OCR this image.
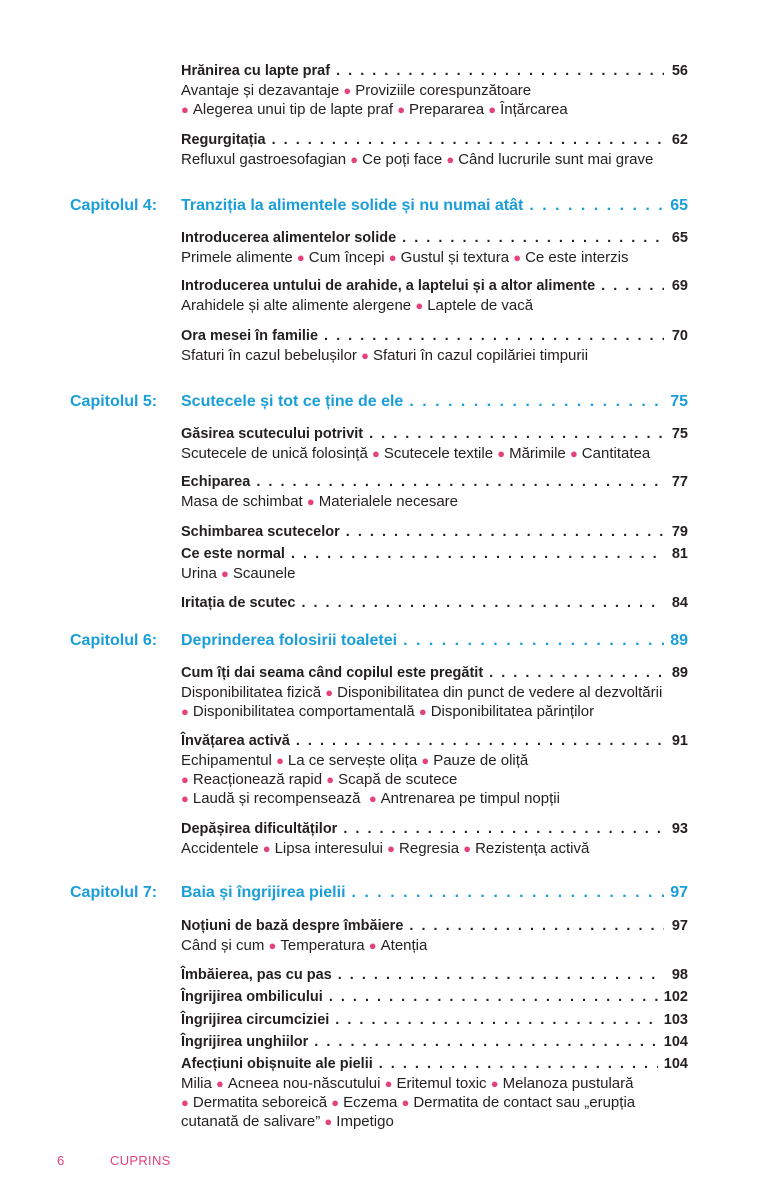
Hrănirea cu lapte praf . . .	56
Avantaje și dezavantaje ● Proviziile corespunzătoare
● Alegerea unui tip de lapte praf ● Prepararea ● Înțărcarea
Regurgitația . . .	62
Refluxul gastroesofagian ● Ce poți face ● Când lucrurile sunt mai grave
Capitolul 4: Tranziția la alimentele solide și nu numai atât . . .	65
Introducerea alimentelor solide . . .	65
Primele alimente ● Cum începi ● Gustul și textura ● Ce este interzis
Introducerea untului de arahide, a laptelui și a altor alimente . . .	69
Arahidele și alte alimente alergene ● Laptele de vacă
Ora mesei în familie . . .	70
Sfaturi în cazul bebelușilor ● Sfaturi în cazul copilăriei timpurii
Capitolul 5: Scutecele și tot ce ține de ele . . .	75
Găsirea scutecului potrivit . . .	75
Scutecele de unică folosință ● Scutecele textile ● Mărimile ● Cantitatea
Echiparea . . .	77
Masa de schimbat ● Materialele necesare
Schimbarea scutecelor . . .	79
Ce este normal . . .	81
Urina ● Scaunele
Iritația de scutec . . .	84
Capitolul 6: Deprinderea folosirii toaletei . . .	89
Cum îți dai seama când copilul este pregătit . . .	89
Disponibilitatea fizică ● Disponibilitatea din punct de vedere al dezvoltării
● Disponibilitatea comportamentală ● Disponibilitatea părinților
Învățarea activă . . .	91
Echipamentul ● La ce servește olița ● Pauze de oliță
● Reacționează rapid ● Scapă de scutece
● Laudă și recompensează ● Antrenarea pe timpul nopții
Depășirea dificultăților . . .	93
Accidentele ● Lipsa interesului ● Regresia ● Rezistența activă
Capitolul 7: Baia și îngrijirea pielii . . .	97
Noțiuni de bază despre îmbăiere . . .	97
Când și cum ● Temperatura ● Atenția
Îmbăierea, pas cu pas . . .	98
Îngrijirea ombilicului . . .	102
Îngrijirea circumciziei . . .	103
Îngrijirea unghiilor . . .	104
Afecțiuni obișnuite ale pielii . . .	104
Milia ● Acneea nou-născutului ● Eritemul toxic ● Melanoza pustulară
● Dermatita seboreică ● Eczema ● Dermatita de contact sau „erupția
cutanată de salivare” ● Impetigo
6	CUPRINS
